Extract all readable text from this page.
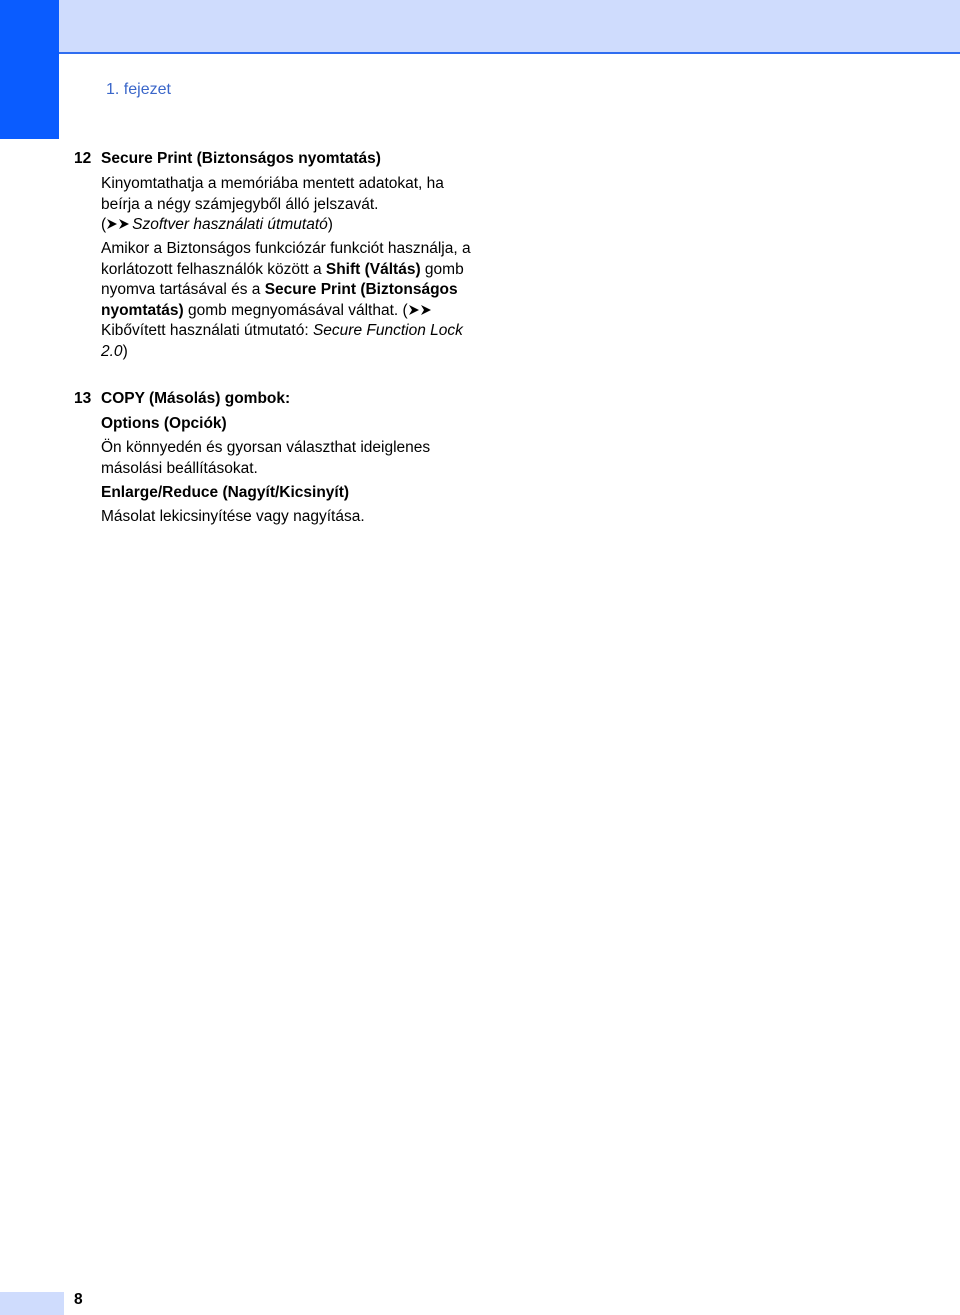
1. fejezet
12 Secure Print (Biztonságos nyomtatás)
Kinyomtathatja a memóriába mentett adatokat, ha beírja a négy számjegyből álló jelszavát.
( Szoftver használati útmutató)
Amikor a Biztonságos funkciózár funkciót használja, a korlátozott felhasználók között a Shift (Váltás) gomb nyomva tartásával és a Secure Print (Biztonságos nyomtatás) gomb megnyomásával válthat. (Kibővített használati útmutató: Secure Function Lock 2.0)
13 COPY (Másolás) gombok:
Options (Opciók)
Ön könnyedén és gyorsan választhat ideiglenes másolási beállításokat.
Enlarge/Reduce (Nagyít/Kicsinyít)
Másolat lekicsinyítése vagy nagyítása.
8
